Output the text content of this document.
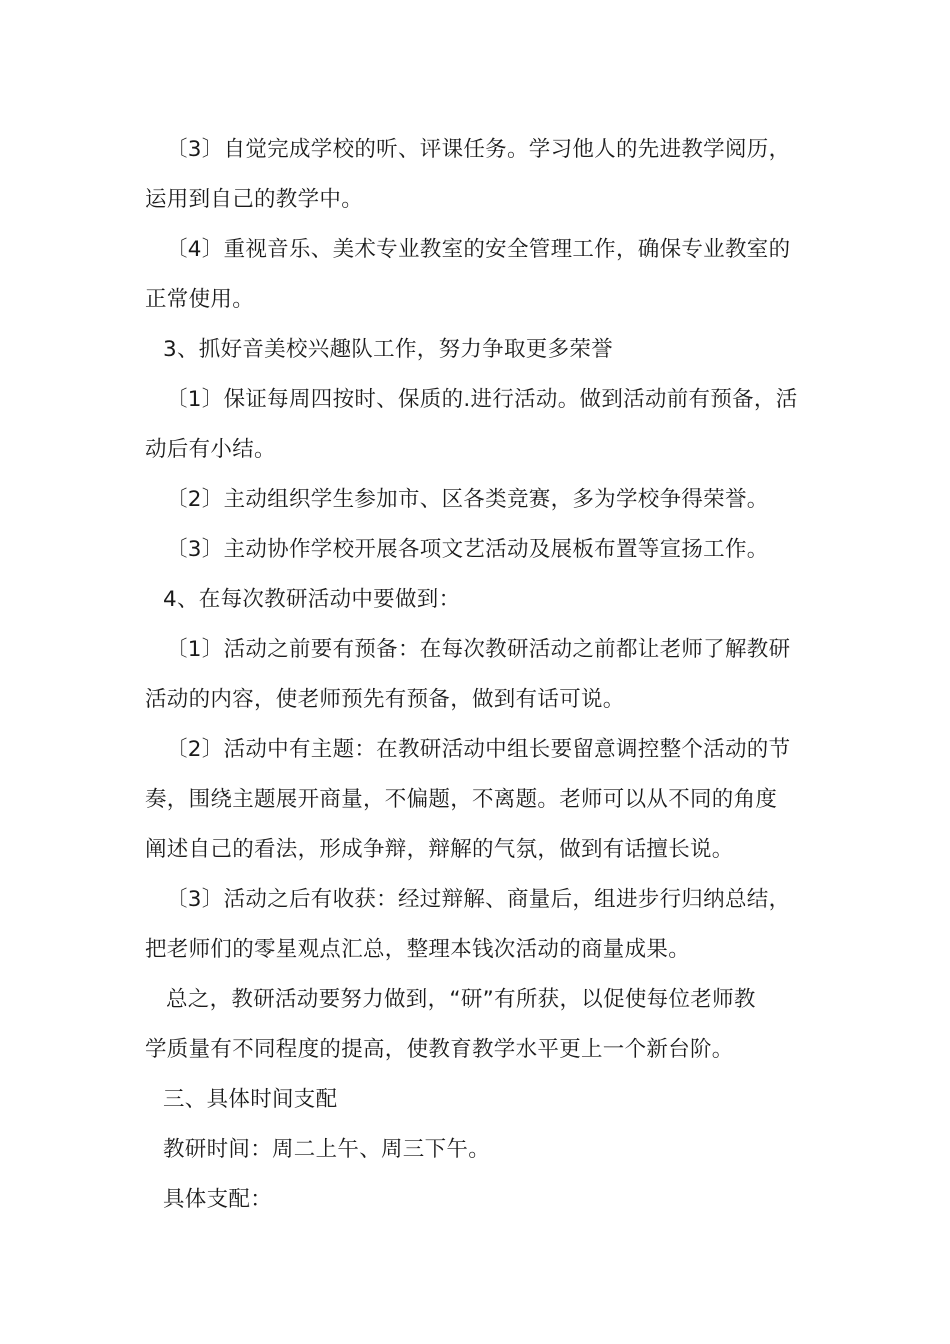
〔3〕自觉完成学校的听、评课任务。学习他人的先进教学阅历，
运用到自己的教学中。
〔4〕重视音乐、美术专业教室的安全管理工作，确保专业教室的
正常使用。
3、抓好音美校兴趣队工作，努力争取更多荣誉
〔1〕保证每周四按时、保质的.进行活动。做到活动前有预备，活
动后有小结。
〔2〕主动组织学生参加市、区各类竞赛，多为学校争得荣誉。
〔3〕主动协作学校开展各项文艺活动及展板布置等宣扬工作。
4、在每次教研活动中要做到：
〔1〕活动之前要有预备：在每次教研活动之前都让老师了解教研
活动的内容，使老师预先有预备，做到有话可说。
〔2〕活动中有主题：在教研活动中组长要留意调控整个活动的节
奏，围绕主题展开商量，不偏题，不离题。老师可以从不同的角度
阐述自己的看法，形成争辩，辩解的气氛，做到有话擅长说。
〔3〕活动之后有收获：经过辩解、商量后，组进步行归纳总结，
把老师们的零星观点汇总，整理本钱次活动的商量成果。
总之，教研活动要努力做到，“研”有所获，以促使每位老师教
学质量有不同程度的提高，使教育教学水平更上一个新台阶。
三、具体时间支配
教研时间：周二上午、周三下午。
具体支配：
